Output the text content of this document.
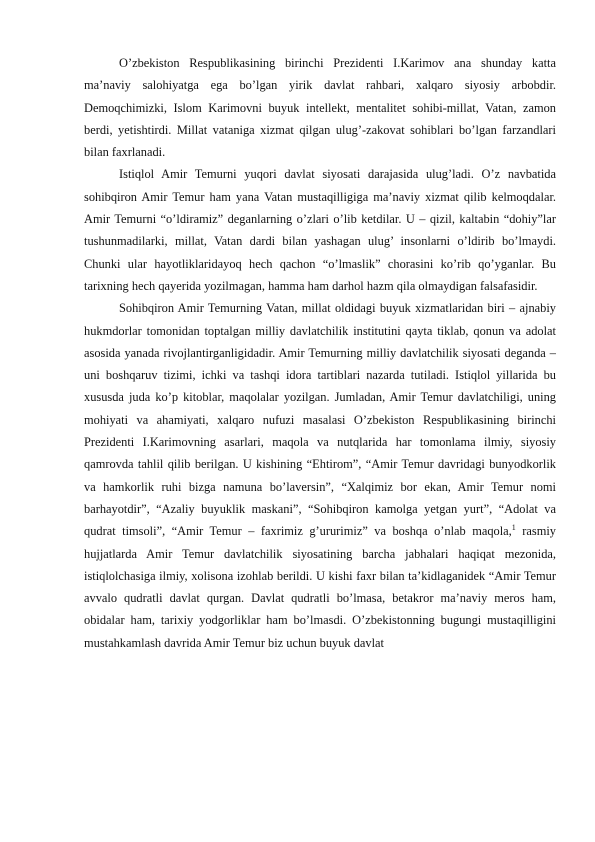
O’zbekiston Respublikasining birinchi Prezidenti I.Karimov ana shunday katta ma’naviy salohiyatga ega bo’lgan yirik davlat rahbari, xalqaro siyosiy arbobdir. Demoqchimizki, Islom Karimovni buyuk intellekt, mentalitet sohibi-millat, Vatan, zamon berdi, yetishtirdi. Millat vataniga xizmat qilgan ulug’-zakovat sohiblari bo’lgan farzandlari bilan faxrlanadi.

Istiqlol Amir Temurni yuqori davlat siyosati darajasida ulug’ladi. O’z navbatida sohibqiron Amir Temur ham yana Vatan mustaqilligiga ma’naviy xizmat qilib kelmoqdalar. Amir Temurni “o’ldiramiz” deganlarning o’zlari o’lib ketdilar. U – qizil, kaltabin “dohiy”lar tushunmadilarki, millat, Vatan dardi bilan yashagan ulug’ insonlarni o’ldirib bo’lmaydi. Chunki ular hayotliklaridayoq hech qachon “o’lmaslik” chorasini ko’rib qo’yganlar. Bu tarixning hech qayerida yozilmagan, hamma ham darhol hazm qila olmaydigan falsafasidir.

Sohibqiron Amir Temurning Vatan, millat oldidagi buyuk xizmatlaridan biri – ajnabiy hukmdorlar tomonidan toptalgan milliy davlatchilik institutini qayta tiklab, qonun va adolat asosida yanada rivojlantirganligidadir. Amir Temurning milliy davlatchilik siyosati deganda – uni boshqaruv tizimi, ichki va tashqi idora tartiblari nazarda tutiladi. Istiqlol yillarida bu xususda juda ko’p kitoblar, maqolalar yozilgan. Jumladan, Amir Temur davlatchiligi, uning mohiyati va ahamiyati, xalqaro nufuzi masalasi O’zbekiston Respublikasining birinchi Prezidenti I.Karimovning asarlari, maqola va nutqlarida har tomonlama ilmiy, siyosiy qamrovda tahlil qilib berilgan. U kishining “Ehtirom”, “Amir Temur davridagi bunyodkorlik va hamkorlik ruhi bizga namuna bo’laversin”, “Xalqimiz bor ekan, Amir Temur nomi barhayotdir”, “Azaliy buyuklik maskani”, “Sohibqiron kamolga yetgan yurt”, “Adolat va qudrat timsoli”, “Amir Temur – faxrimiz g’ururimiz” va boshqa o’nlab maqola,$^1$ rasmiy hujjatlarda Amir Temur davlatchilik siyosatining barcha jabhalari haqiqat mezonida, istiqlolchasiga ilmiy, xolisona izohlab berildi. U kishi faxr bilan ta’kidlaganidek “Amir Temur avvalo qudratli davlat qurgan. Davlat qudratli bo’lmasa, betakror ma’naviy meros ham, obidalar ham, tarixiy yodgorliklar ham bo’lmasdi. O’zbekistonning bugungi mustaqilligini mustahkamlash davrida Amir Temur biz uchun buyuk davlat
